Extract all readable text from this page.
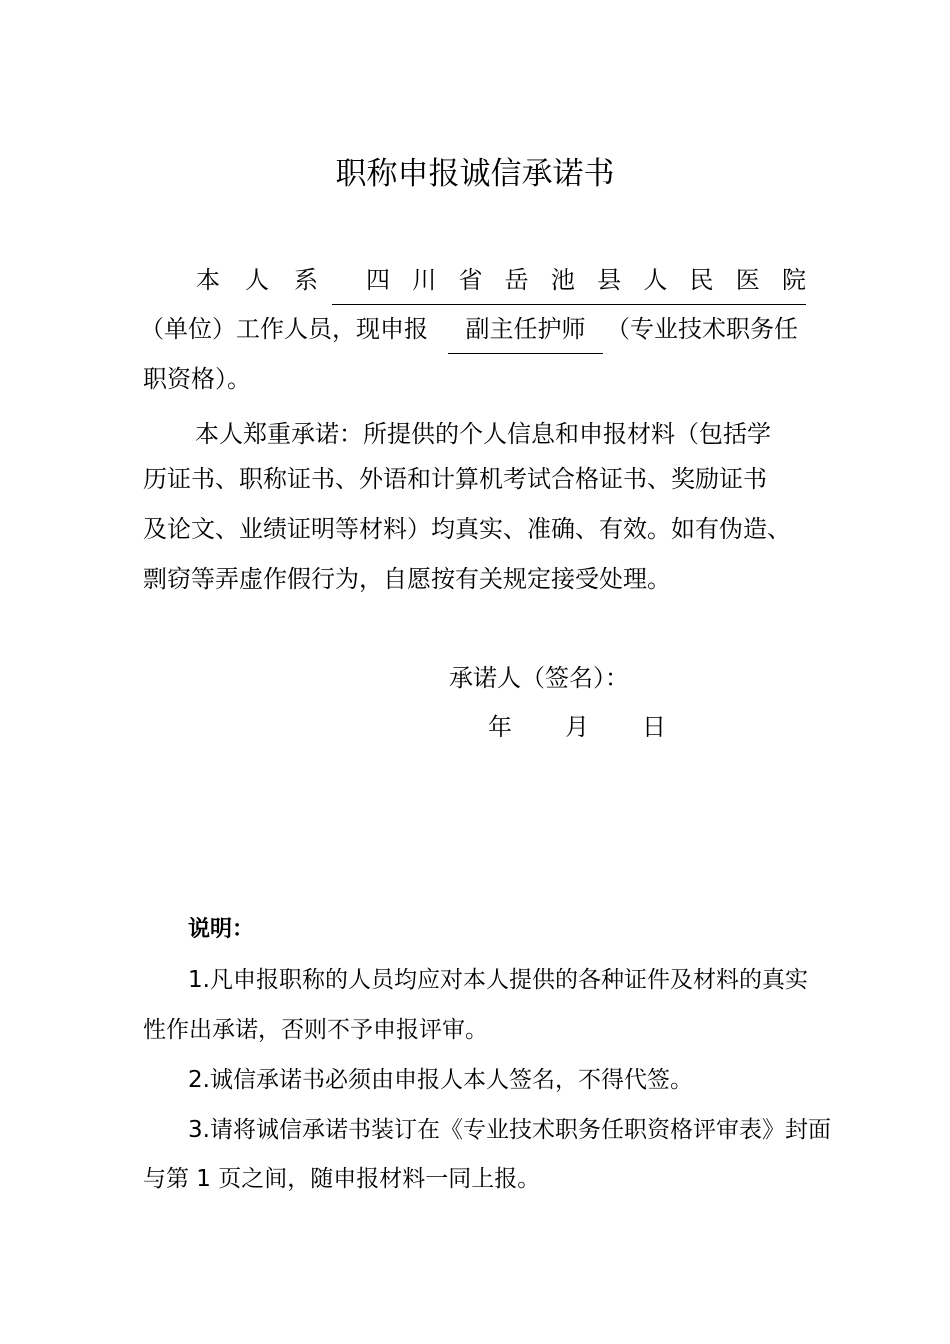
职称申报诚信承诺书
本 人 系 四 川 省 岳 池 县 人 民 医 院
（单位）工作人员，现申报	副主任护师 （专业技术职务任
职资格）。
本人郑重承诺：所提供的个人信息和申报材料（包括学
历证书、职称证书、外语和计算机考试合格证书、奖励证书
及论文、业绩证明等材料）均真实、准确、有效。如有伪造、
剽窃等弄虚作假行为，自愿按有关规定接受处理。
承诺人（签名）：
年 月 日
说明：
1.凡申报职称的人员均应对本人提供的各种证件及材料的真实
性作出承诺，否则不予申报评审。
2.诚信承诺书必须由申报人本人签名，不得代签。
3.请将诚信承诺书装订在《专业技术职务任职资格评审表》封面
与第 1 页之间，随申报材料一同上报。
